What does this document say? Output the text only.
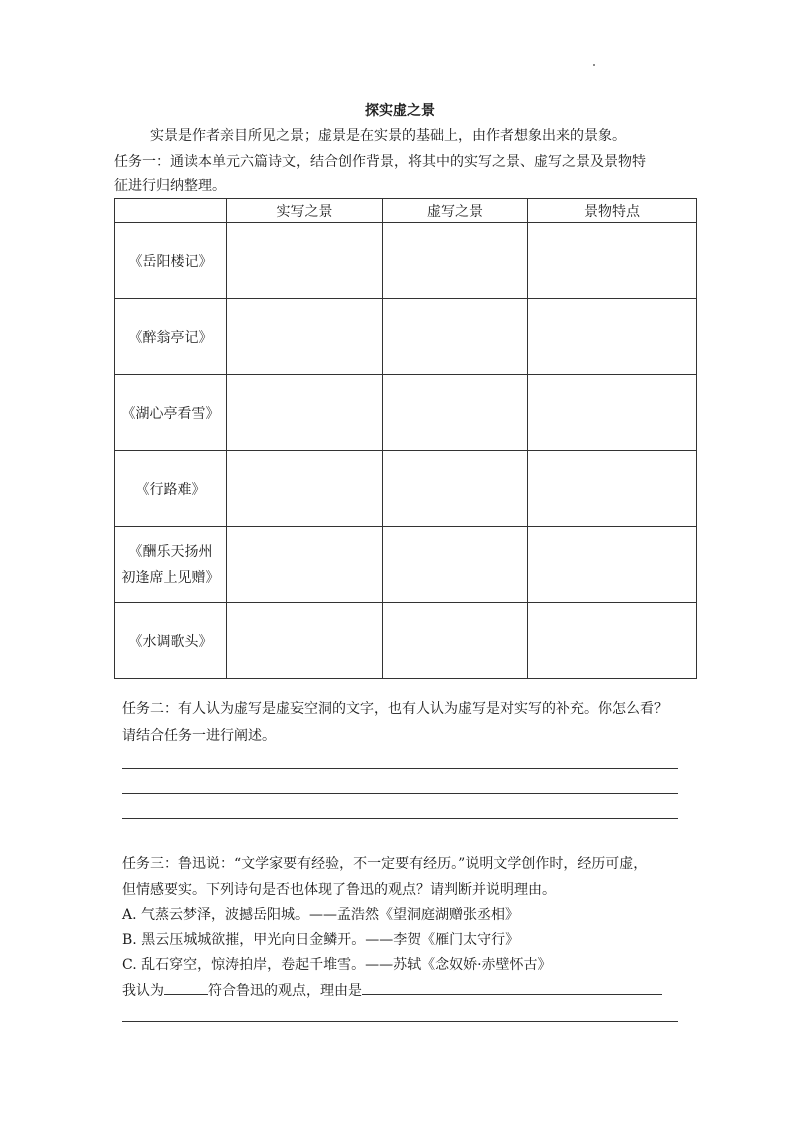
探实虚之景
实景是作者亲目所见之景；虚景是在实景的基础上，由作者想象出来的景象。
任务一：通读本单元六篇诗文，结合创作背景，将其中的实写之景、虚写之景及景物特
征进行归纳整理。
	实写之景	虚写之景	景物特点
《岳阳楼记》			
《醉翁亭记》			
《湖心亭看雪》			
《行路难》			
《酬乐天扬州
初逢席上见赠》			
《水调歌头》			
任务二：有人认为虚写是虚妄空洞的文字，也有人认为虚写是对实写的补充。你怎么看？
请结合任务一进行阐述。
任务三：鲁迅说：“文学家要有经验，不一定要有经历。”说明文学创作时，经历可虚，
但情感要实。下列诗句是否也体现了鲁迅的观点？请判断并说明理由。
A. 气蒸云梦泽，波撼岳阳城。——孟浩然《望洞庭湖赠张丞相》
B. 黑云压城城欲摧，甲光向日金鳞开。——李贺《雁门太守行》
C. 乱石穿空，惊涛拍岸，卷起千堆雪。——苏轼《念奴娇·赤壁怀古》
我认为	符合鲁迅的观点，理由是
